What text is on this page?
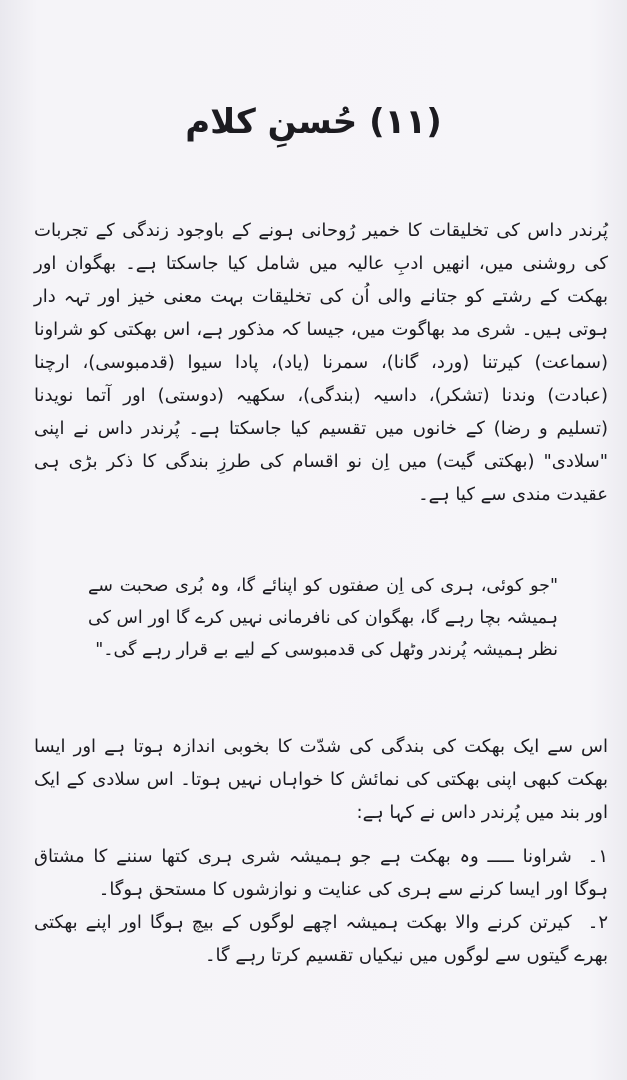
(۱۱) حُسنِ کلام

پُرندر داس کی تخلیقات کا خمیر رُوحانی ہونے کے باوجود زندگی کے تجربات کی روشنی میں، انھیں ادبِ عالیہ میں شامل کیا جاسکتا ہے۔ بھگوان اور بھکت کے رشتے کو جتانے والی اُن کی تخلیقات بہت معنی خیز اور تہہ دار ہوتی ہیں۔ شری مد بھاگوت میں، جیسا کہ مذکور ہے، اس بھکتی کو شراونا (سماعت) کیرتنا (ورد، گانا)، سمرنا (یاد)، پادا سیوا (قدمبوسی)، ارچنا (عبادت) وندنا (تشکر)، داسیہ (بندگی)، سکھیہ (دوستی) اور آتما نویدنا (تسلیم و رضا) کے خانوں میں تقسیم کیا جاسکتا ہے۔ پُرندر داس نے اپنی "سلادی" (بھکتی گیت) میں اِن نو اقسام کی طرزِ بندگی کا ذکر بڑی ہی عقیدت مندی سے کیا ہے۔

"جو کوئی، ہری کی اِن صفتوں کو اپنائے گا، وہ بُری صحبت سے ہمیشہ بچا رہے گا، بھگوان کی نافرمانی نہیں کرے گا اور اس کی نظر ہمیشہ پُرندر وٹھل کی قدمبوسی کے لیے بے قرار رہے گی۔"

اس سے ایک بھکت کی بندگی کی شدّت کا بخوبی اندازہ ہوتا ہے اور ایسا بھکت کبھی اپنی بھکتی کی نمائش کا خواہاں نہیں ہوتا۔ اس سلادی کے ایک اور بند میں پُرندر داس نے کہا ہے:

۱۔شراونا ـــــ وہ بھکت ہے جو ہمیشہ شری ہری کتھا سننے کا مشتاق ہوگا اور ایسا کرنے سے ہری کی عنایت و نوازشوں کا مستحق ہوگا۔

۲۔کیرتن کرنے والا بھکت ہمیشہ اچھے لوگوں کے بیچ ہوگا اور اپنے بھکتی بھرے گیتوں سے لوگوں میں نیکیاں تقسیم کرتا رہے گا۔
